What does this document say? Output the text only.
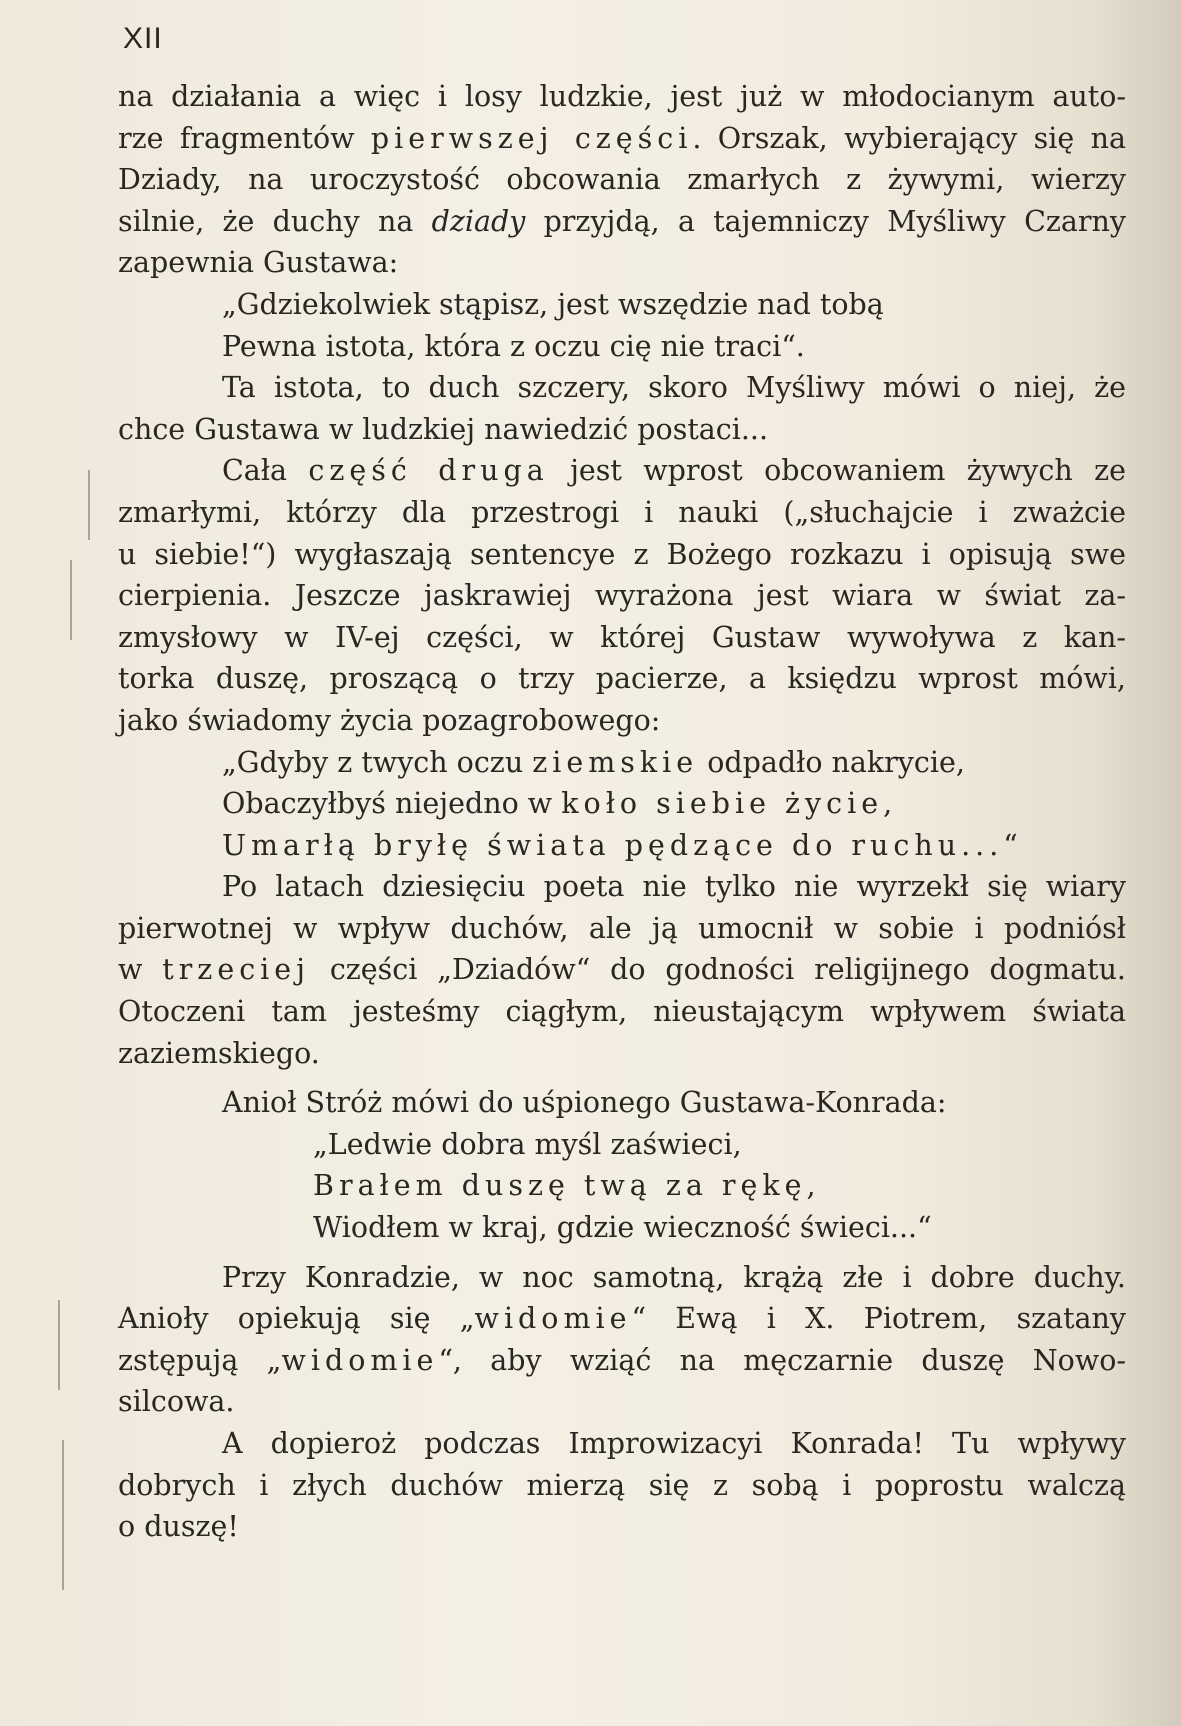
XII
na działania a więc i losy ludzkie, jest już w młodocianym auto-
rze fragmentów pierwszej części. Orszak, wybierający się na
Dziady, na uroczystość obcowania zmarłych z żywymi, wierzy
silnie, że duchy na dziady przyjdą, a tajemniczy Myśliwy Czarny
zapewnia Gustawa:
„Gdziekolwiek stąpisz, jest wszędzie nad tobą
Pewna istota, która z oczu cię nie traci“.
Ta istota, to duch szczery, skoro Myśliwy mówi o niej, że
chce Gustawa w ludzkiej nawiedzić postaci...
Cała część druga jest wprost obcowaniem żywych ze
zmarłymi, którzy dla przestrogi i nauki („słuchajcie i zważcie
u siebie!“) wygłaszają sentencye z Bożego rozkazu i opisują swe
cierpienia. Jeszcze jaskrawiej wyrażona jest wiara w świat za-
zmysłowy w IV-ej części, w której Gustaw wywoływa z kan-
torka duszę, proszącą o trzy pacierze, a księdzu wprost mówi,
jako świadomy życia pozagrobowego:
„Gdyby z twych oczu ziemskie odpadło nakrycie,
Obaczyłbyś niejedno w koło siebie życie,
Umarłą bryłę świata pędzące do ruchu...“
Po latach dziesięciu poeta nie tylko nie wyrzekł się wiary
pierwotnej w wpływ duchów, ale ją umocnił w sobie i podniósł
w trzeciej części „Dziadów“ do godności religijnego dogmatu.
Otoczeni tam jesteśmy ciągłym, nieustającym wpływem świata
zaziemskiego.
Anioł Stróż mówi do uśpionego Gustawa-Konrada:
„Ledwie dobra myśl zaświeci,
Brałem duszę twą za rękę,
Wiodłem w kraj, gdzie wieczność świeci...“
Przy Konradzie, w noc samotną, krążą złe i dobre duchy.
Anioły opiekują się „widomie“ Ewą i X. Piotrem, szatany
zstępują „widomie“, aby wziąć na męczarnie duszę Nowo-
silcowa.
A dopieroż podczas Improwizacyi Konrada! Tu wpływy
dobrych i złych duchów mierzą się z sobą i poprostu walczą
o duszę!
